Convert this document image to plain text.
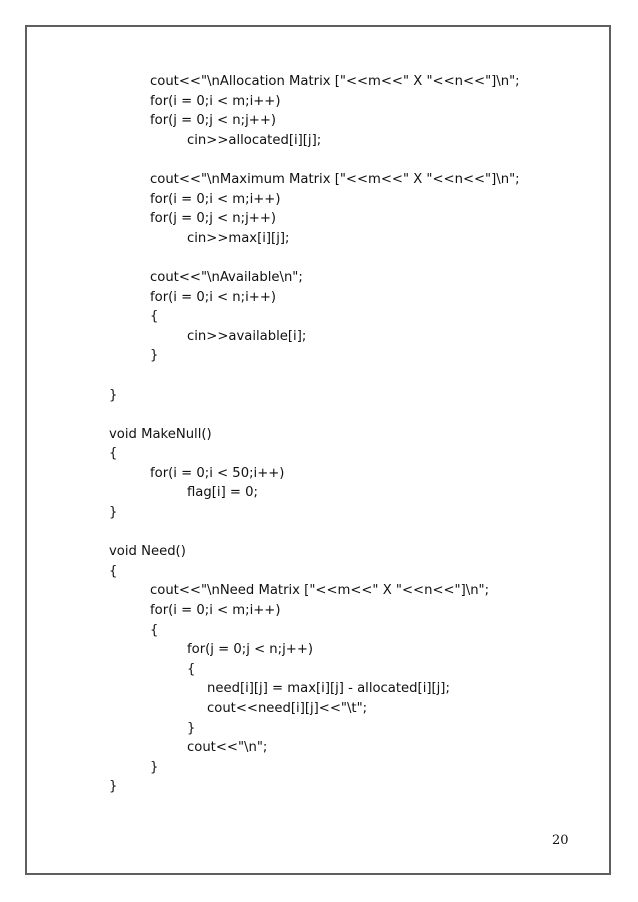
cout<<"\nAllocation Matrix ["<<m<<" X "<<n<<"]\n";
for(i = 0;i < m;i++)
for(j = 0;j < n;j++)
cin>>allocated[i][j];
cout<<"\nMaximum Matrix ["<<m<<" X "<<n<<"]\n";
for(i = 0;i < m;i++)
for(j = 0;j < n;j++)
cin>>max[i][j];
cout<<"\nAvailable\n";
for(i = 0;i < n;i++)
{
cin>>available[i];
}
}
void MakeNull()
{
for(i = 0;i < 50;i++)
flag[i] = 0;
}
void Need()
{
cout<<"\nNeed Matrix ["<<m<<" X "<<n<<"]\n";
for(i = 0;i < m;i++)
{
for(j = 0;j < n;j++)
{
need[i][j] = max[i][j] - allocated[i][j];
cout<<need[i][j]<<"\t";
}
cout<<"\n";
}
}
20
